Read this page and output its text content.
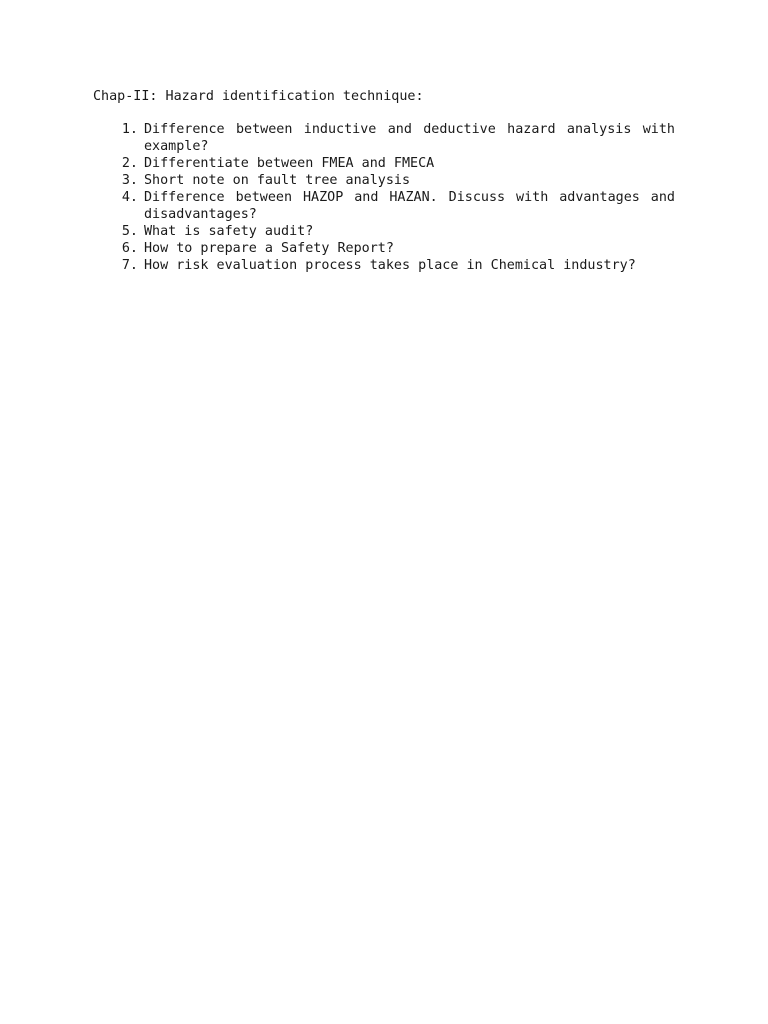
Chap-II: Hazard identification technique:
1. Difference between inductive and deductive hazard analysis with example?
2. Differentiate between FMEA and FMECA
3. Short note on fault tree analysis
4. Difference between HAZOP and HAZAN. Discuss with advantages and disadvantages?
5. What is safety audit?
6. How to prepare a Safety Report?
7. How risk evaluation process takes place in Chemical industry?
